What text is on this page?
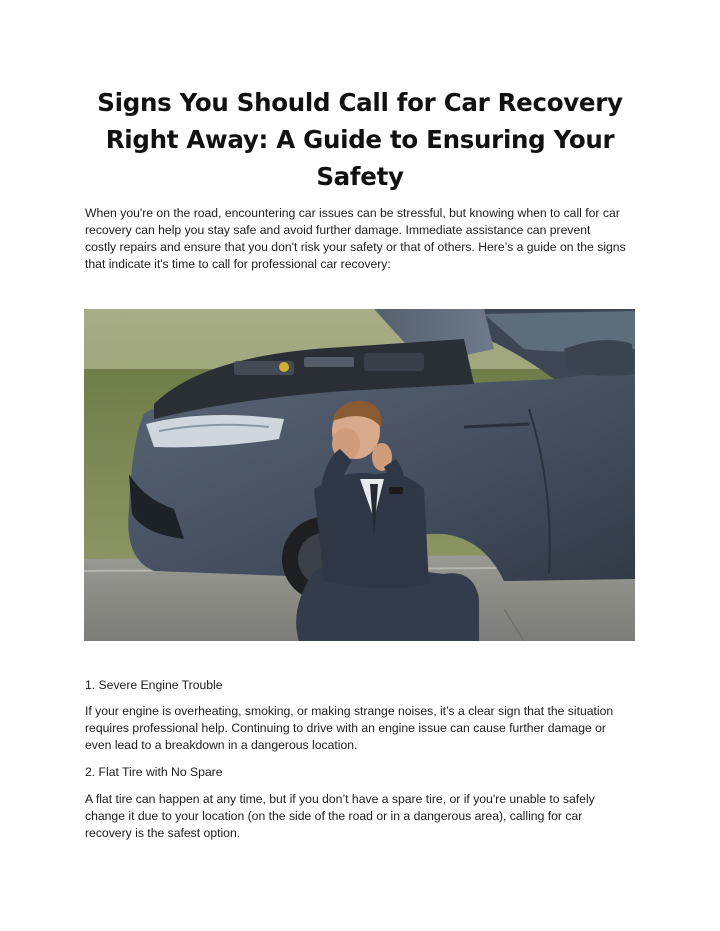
Signs You Should Call for Car Recovery
Right Away: A Guide to Ensuring Your
Safety

When you're on the road, encountering car issues can be stressful, but knowing when to call for car
recovery can help you stay safe and avoid further damage. Immediate assistance can prevent
costly repairs and ensure that you don't risk your safety or that of others. Here’s a guide on the signs
that indicate it's time to call for professional car recovery:

1. Severe Engine Trouble

If your engine is overheating, smoking, or making strange noises, it’s a clear sign that the situation
requires professional help. Continuing to drive with an engine issue can cause further damage or
even lead to a breakdown in a dangerous location.

2. Flat Tire with No Spare

A flat tire can happen at any time, but if you don’t have a spare tire, or if you're unable to safely
change it due to your location (on the side of the road or in a dangerous area), calling for car
recovery is the safest option.
